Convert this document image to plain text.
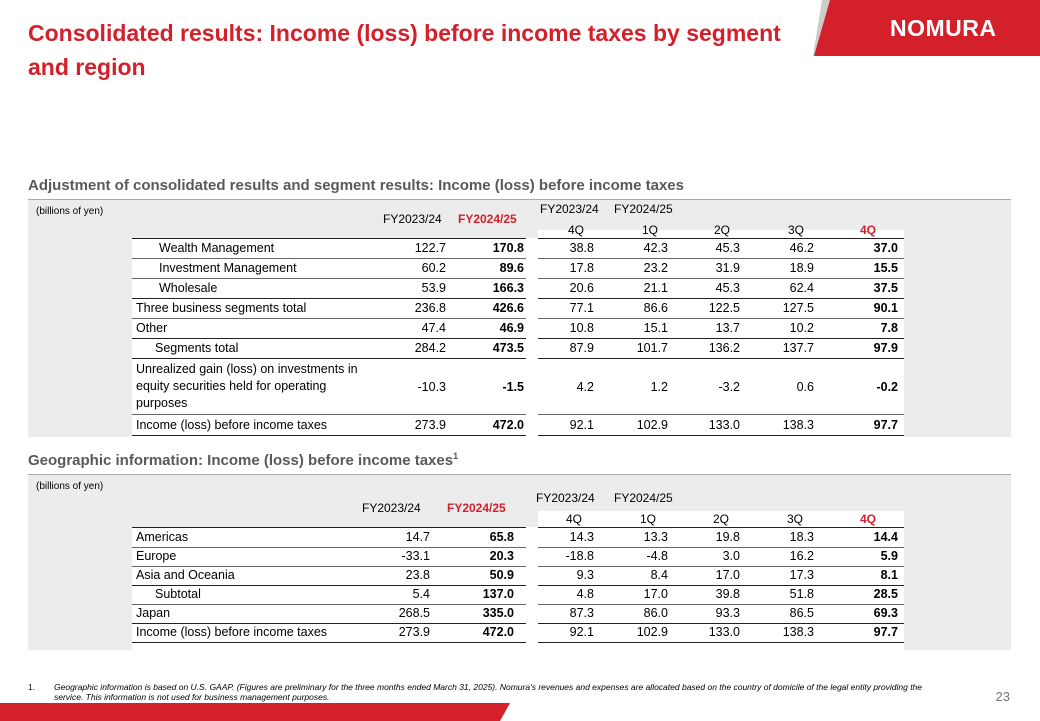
Consolidated results: Income (loss) before income taxes by segment and region
NOMURA
Adjustment of consolidated results and segment results: Income (loss) before income taxes
(billions of yen)
FY2023/24 FY2024/25
FY2023/24 FY2024/25
4Q	1Q	2Q	3Q	4Q
Wealth Management	122.7	170.8	38.8	42.3	45.3	46.2	37.0
Investment Management	60.2	89.6	17.8	23.2	31.9	18.9	15.5
Wholesale	53.9	166.3	20.6	21.1	45.3	62.4	37.5
Three business segments total	236.8	426.6	77.1	86.6	122.5	127.5	90.1
Other	47.4	46.9	10.8	15.1	13.7	10.2	7.8
Segments total	284.2	473.5	87.9	101.7	136.2	137.7	97.9
Unrealized gain (loss) on investments in
equity securities held for operating
purposes
-10.3	-1.5	4.2	1.2	-3.2	0.6	-0.2
Income (loss) before income taxes	273.9	472.0	92.1	102.9	133.0	138.3	97.7
Geographic information: Income (loss) before income taxes$^1$
(billions of yen)
FY2023/24 FY2024/25
FY2023/24 FY2024/25
4Q	1Q	2Q	3Q	4Q
Americas	14.7	65.8	14.3	13.3	19.8	18.3	14.4
Europe	-33.1	20.3	-18.8	-4.8	3.0	16.2	5.9
Asia and Oceania	23.8	50.9	9.3	8.4	17.0	17.3	8.1
Subtotal	5.4	137.0	4.8	17.0	39.8	51.8	28.5
Japan	268.5	335.0	87.3	86.0	93.3	86.5	69.3
Income (loss) before income taxes	273.9	472.0	92.1	102.9	133.0	138.3	97.7
1. Geographic information is based on U.S. GAAP. (Figures are preliminary for the three months ended March 31, 2025). Nomura's revenues and expenses are allocated based on the country of domicile of the legal entity providing the service. This information is not used for business management purposes.	23
